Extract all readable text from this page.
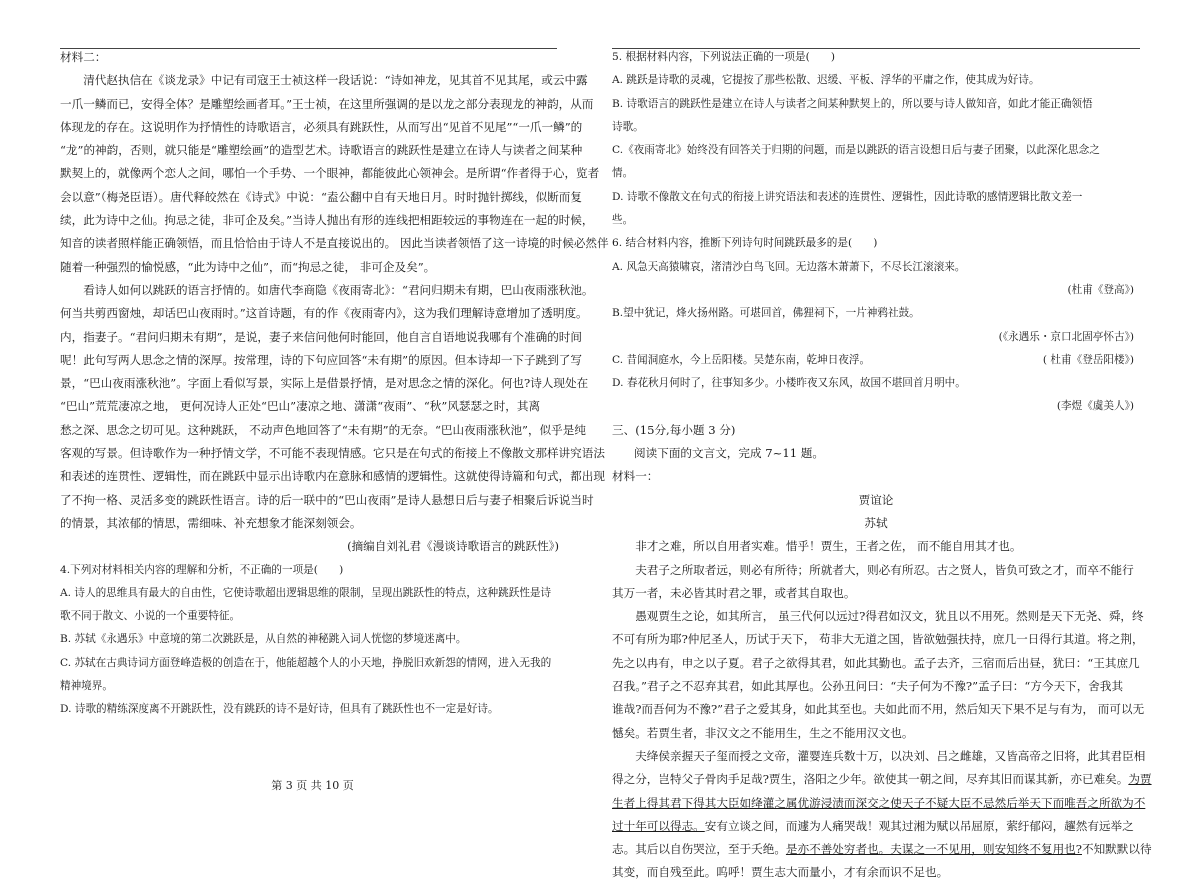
材料二：
清代赵执信在《谈龙录》中记有司寇王士祯这样一段话说：“诗如神龙，见其首不见其尾，或云中露
一爪一鳞而已，安得全体？是雕塑绘画者耳。”王士祯，在这里所强调的是以龙之部分表现龙的神韵，从而
体现龙的存在。这说明作为抒情性的诗歌语言，必须具有跳跃性，从而写出“见首不见尾”“一爪一鳞”的
“龙”的神韵，否则，就只能是“雕塑绘画”的造型艺术。诗歌语言的跳跃性是建立在诗人与读者之间某种
默契上的，就像两个恋人之间，哪怕一个手势、一个眼神，都能彼此心领神会。是所谓“作者得于心，览者
会以意”（梅尧臣语）。唐代释皎然在《诗式》中说：“盍公翻中自有天地日月。时时抛针掷线，似断而复
续，此为诗中之仙。拘忌之徒，非可企及矣。”当诗人抛出有形的连线把相距较远的事物连在一起的时候，
知音的读者照样能正确领悟，而且恰恰由于诗人不是直接说出的。 因此当读者领悟了这一诗境的时候必然伴
随着一种强烈的愉悦感，“此为诗中之仙”，而“拘忌之徒， 非可企及矣”。
看诗人如何以跳跃的语言抒情的。如唐代李商隐《夜雨寄北》：“君问归期未有期，巴山夜雨涨秋池。
何当共剪西窗烛，却话巴山夜雨时。”这首诗题，有的作《夜雨寄内》，这为我们理解诗意增加了透明度。
内，指妻子。“君问归期未有期”，是说，妻子来信问他何时能回，他自言自语地说我哪有个准确的时间
呢！此句写两人思念之情的深厚。按常理，诗的下句应回答“未有期”的原因。但本诗却一下子跳到了写
景，“巴山夜雨涨秋池”。字面上看似写景，实际上是借景抒情，是对思念之情的深化。何也?诗人现处在
“巴山”荒荒凄凉之地， 更何况诗人正处“巴山”凄凉之地、潇潇“夜雨”、“秋”风瑟瑟之时，其离
愁之深、思念之切可见。这种跳跃， 不动声色地回答了“未有期”的无奈。“巴山夜雨涨秋池”，似乎是纯
客观的写景。但诗歌作为一种抒情文学，不可能不表现情感。它只是在句式的衔接上不像散文那样讲究语法
和表述的连贯性、逻辑性，而在跳跃中显示出诗歌内在意脉和感情的逻辑性。这就使得诗篇和句式，都出现
了不拘一格、灵活多变的跳跃性语言。诗的后一联中的“巴山夜雨”是诗人悬想日后与妻子相聚后诉说当时
的情景，其浓郁的情思，需细味、补充想象才能深刻领会。
(摘编自刘礼君《漫谈诗歌语言的跳跃性》)
4.下列对材料相关内容的理解和分析，不正确的一项是(　　)
A. 诗人的思维具有最大的自由性，它使诗歌超出逻辑思维的限制，呈现出跳跃性的特点，这种跳跃性是诗
歌不同于散文、小说的一个重要特征。
B. 苏轼《永遇乐》中意境的第二次跳跃是，从自然的神秘跳入词人恍惚的梦境迷离中。
C. 苏轼在古典诗词方面登峰造极的创造在于，他能超越个人的小天地，挣脱旧欢新怨的情网，进入无我的
精神境界。
D. 诗歌的精练深度离不开跳跃性，没有跳跃的诗不是好诗，但具有了跳跃性也不一定是好诗。
第 3 页 共 10 页
5. 根据材料内容，下列说法正确的一项是(　　)
A. 跳跃是诗歌的灵魂，它提按了那些松散、迟缓、平板、浮华的平庸之作，使其成为好诗。
B. 诗歌语言的跳跃性是建立在诗人与读者之间某种默契上的，所以要与诗人做知音，如此才能正确领悟
诗歌。
C.《夜雨寄北》始终没有回答关于归期的问题，而是以跳跃的语言设想日后与妻子团聚，以此深化思念之
情。
D. 诗歌不像散文在句式的衔接上讲究语法和表述的连贯性、逻辑性，因此诗歌的感情逻辑比散文差一
些。
6. 结合材料内容，推断下列诗句时间跳跃最多的是(　　)
A. 风急天高猿啸哀，渚清沙白鸟飞回。无边落木萧萧下，不尽长江滚滚来。
(杜甫《登高》)
B.望中犹记，烽火扬州路。可堪回首，佛狸祠下，一片神鸦社鼓。
(《永遇乐・京口北固亭怀古》)
C. 昔闻洞庭水，今上岳阳楼。吴楚东南，乾坤日夜浮。	( 杜甫《登岳阳楼》)
D. 春花秋月何时了，往事知多少。小楼昨夜又东风，故国不堪回首月明中。
(李煜《虞美人》)
三、(15分,每小题 3 分)
阅读下面的文言文，完成 7~11 题。
材料一：
贾谊论
苏轼
非才之难，所以自用者实难。惜乎！贾生，王者之佐， 而不能自用其才也。
夫君子之所取者远，则必有所待；所就者大，则必有所忍。古之贤人，皆负可致之才，而卒不能行
其万一者，未必皆其时君之罪，或者其自取也。
愚观贾生之论，如其所言， 虽三代何以远过?得君如汉文，犹且以不用死。然则是天下无尧、舜，终
不可有所为耶?仲尼圣人，历试于天下， 苟非大无道之国，皆欲勉强扶持，庶几一日得行其道。将之荆，
先之以冉有，申之以子夏。君子之欲得其君，如此其勤也。孟子去齐，三宿而后出昼，犹曰：“王其庶几
召我。”君子之不忍弃其君，如此其厚也。公孙丑问曰：“夫子何为不豫?”孟子曰：“方今天下，舍我其
谁哉?而吾何为不豫?”君子之爱其身，如此其至也。夫如此而不用，然后知天下果不足与有为， 而可以无
憾矣。若贾生者，非汉文之不能用生，生之不能用汉文也。
夫绛侯亲握天子玺而授之文帝，灌婴连兵数十万，以决刘、吕之雌雄，又皆高帝之旧将，此其君臣相
得之分，岂特父子骨肉手足哉?贾生，洛阳之少年。欲使其一朝之间，尽弃其旧而谋其新，亦已难矣。为贾
生者上得其君下得其大臣如绛灌之属优游浸渍而深交之使天子不疑大臣不忌然后举天下而唯吾之所欲为不
过十年可以得志。安有立谈之间，而遽为人痛哭哉！观其过湘为赋以吊屈原，萦纡郁闷，趯然有远举之
志。其后以自伤哭泣，至于夭绝。是亦不善处穷者也。夫谋之一不见用，则安知终不复用也?不知默默以待
其变，而自残至此。呜呼！贾生志大而量小，才有余而识不足也。
